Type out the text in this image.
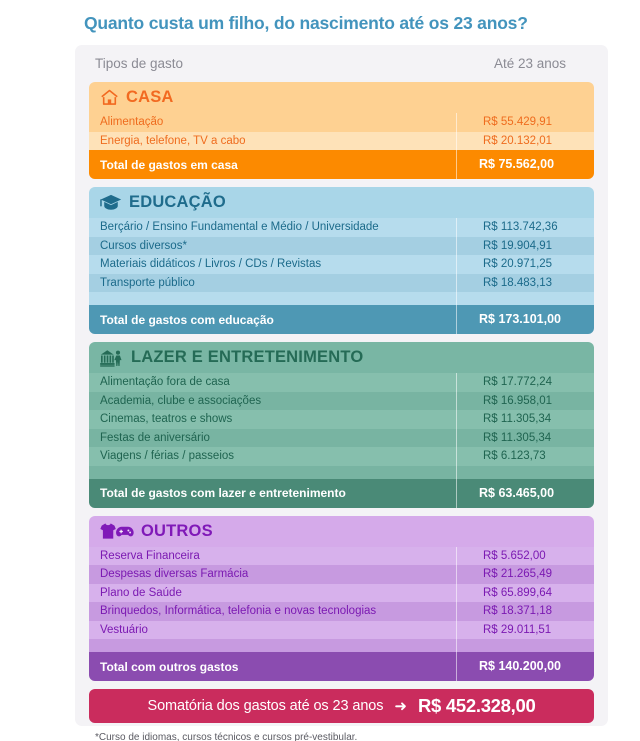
Quanto custa um filho, do nascimento até os 23 anos?
Tipos de gasto	Até 23 anos
CASA
Alimentação	R$ 55.429,91
Energia, telefone, TV a cabo	R$ 20.132,01
Total de gastos em casa	R$ 75.562,00
EDUCAÇÃO
Berçário / Ensino Fundamental e Médio / Universidade	R$ 113.742,36
Cursos diversos*	R$ 19.904,91
Materiais didáticos / Livros / CDs / Revistas	R$ 20.971,25
Transporte público	R$ 18.483,13
Total de gastos com educação	R$ 173.101,00
LAZER E ENTRETENIMENTO
Alimentação fora de casa	R$ 17.772,24
Academia, clube e associações	R$ 16.958,01
Cinemas, teatros e shows	R$ 11.305,34
Festas de aniversário	R$ 11.305,34
Viagens / férias / passeios	R$ 6.123,73
Total de gastos com lazer e entretenimento	R$ 63.465,00
OUTROS
Reserva Financeira	R$ 5.652,00
Despesas diversas Farmácia	R$ 21.265,49
Plano de Saúde	R$ 65.899,64
Brinquedos, Informática, telefonia e novas tecnologias	R$ 18.371,18
Vestuário	R$ 29.011,51
Total com outros gastos	R$ 140.200,00
Somatória dos gastos até os 23 anos ➜ R$ 452.328,00
*Curso de idiomas, cursos técnicos e cursos pré-vestibular.
